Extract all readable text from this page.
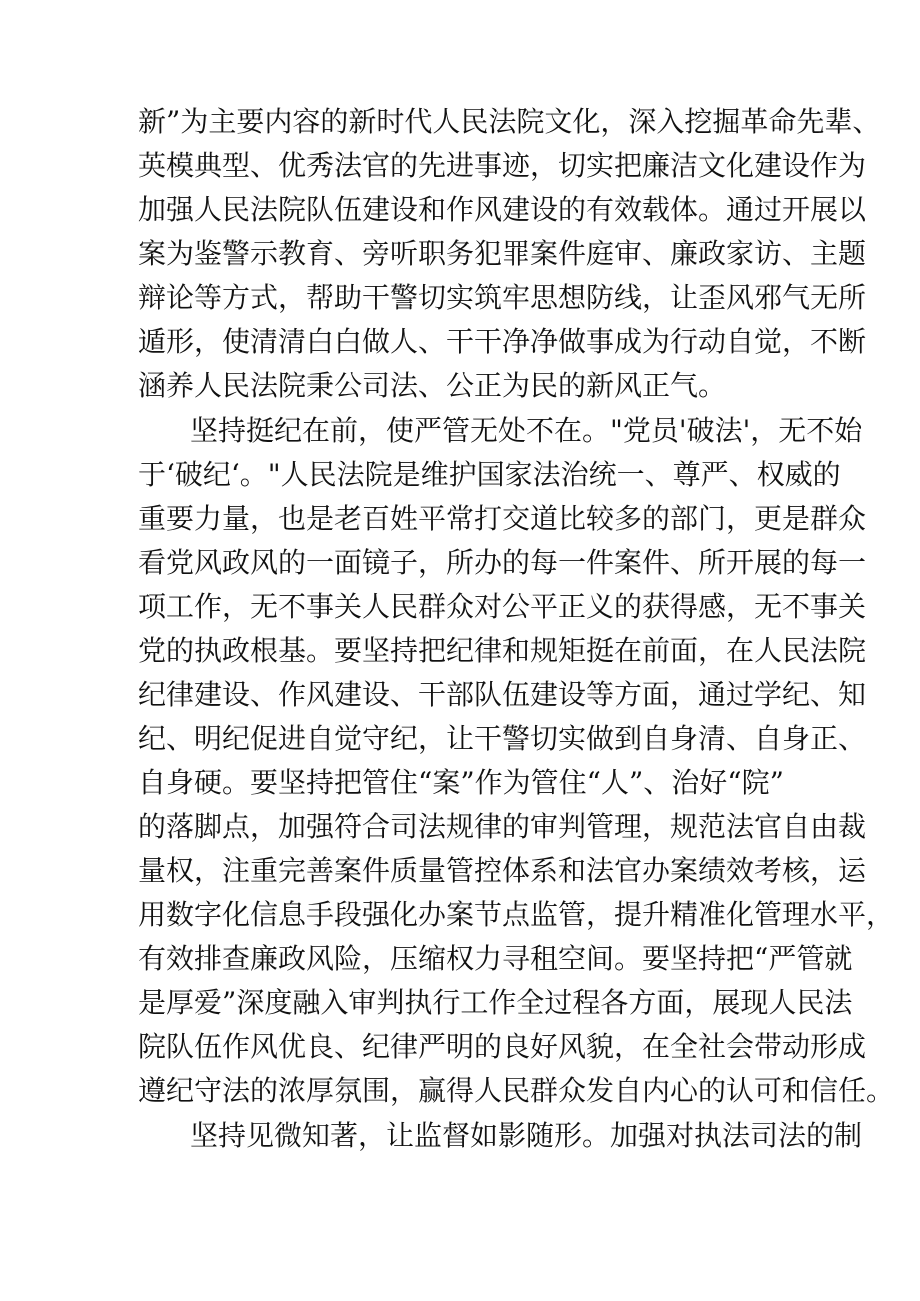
新”为主要内容的新时代人民法院文化，深入挖掘革命先辈、

英模典型、优秀法官的先进事迹，切实把廉洁文化建设作为

加强人民法院队伍建设和作风建设的有效载体。通过开展以

案为鉴警示教育、旁听职务犯罪案件庭审、廉政家访、主题

辩论等方式，帮助干警切实筑牢思想防线，让歪风邪气无所

遁形，使清清白白做人、干干净净做事成为行动自觉，不断

涵养人民法院秉公司法、公正为民的新风正气。

坚持挺纪在前，使严管无处不在。"党员'破法'，无不始

于‘破纪‘。"人民法院是维护国家法治统一、尊严、权威的

重要力量，也是老百姓平常打交道比较多的部门，更是群众

看党风政风的一面镜子，所办的每一件案件、所开展的每一

项工作，无不事关人民群众对公平正义的获得感，无不事关

党的执政根基。要坚持把纪律和规矩挺在前面，在人民法院

纪律建设、作风建设、干部队伍建设等方面，通过学纪、知

纪、明纪促进自觉守纪，让干警切实做到自身清、自身正、

自身硬。要坚持把管住“案”作为管住“人”、治好“院”

的落脚点，加强符合司法规律的审判管理，规范法官自由裁

量权，注重完善案件质量管控体系和法官办案绩效考核，运

用数字化信息手段强化办案节点监管，提升精准化管理水平，

有效排查廉政风险，压缩权力寻租空间。要坚持把“严管就

是厚爱”深度融入审判执行工作全过程各方面，展现人民法

院队伍作风优良、纪律严明的良好风貌，在全社会带动形成

遵纪守法的浓厚氛围，赢得人民群众发自内心的认可和信任。

坚持见微知著，让监督如影随形。加强对执法司法的制
